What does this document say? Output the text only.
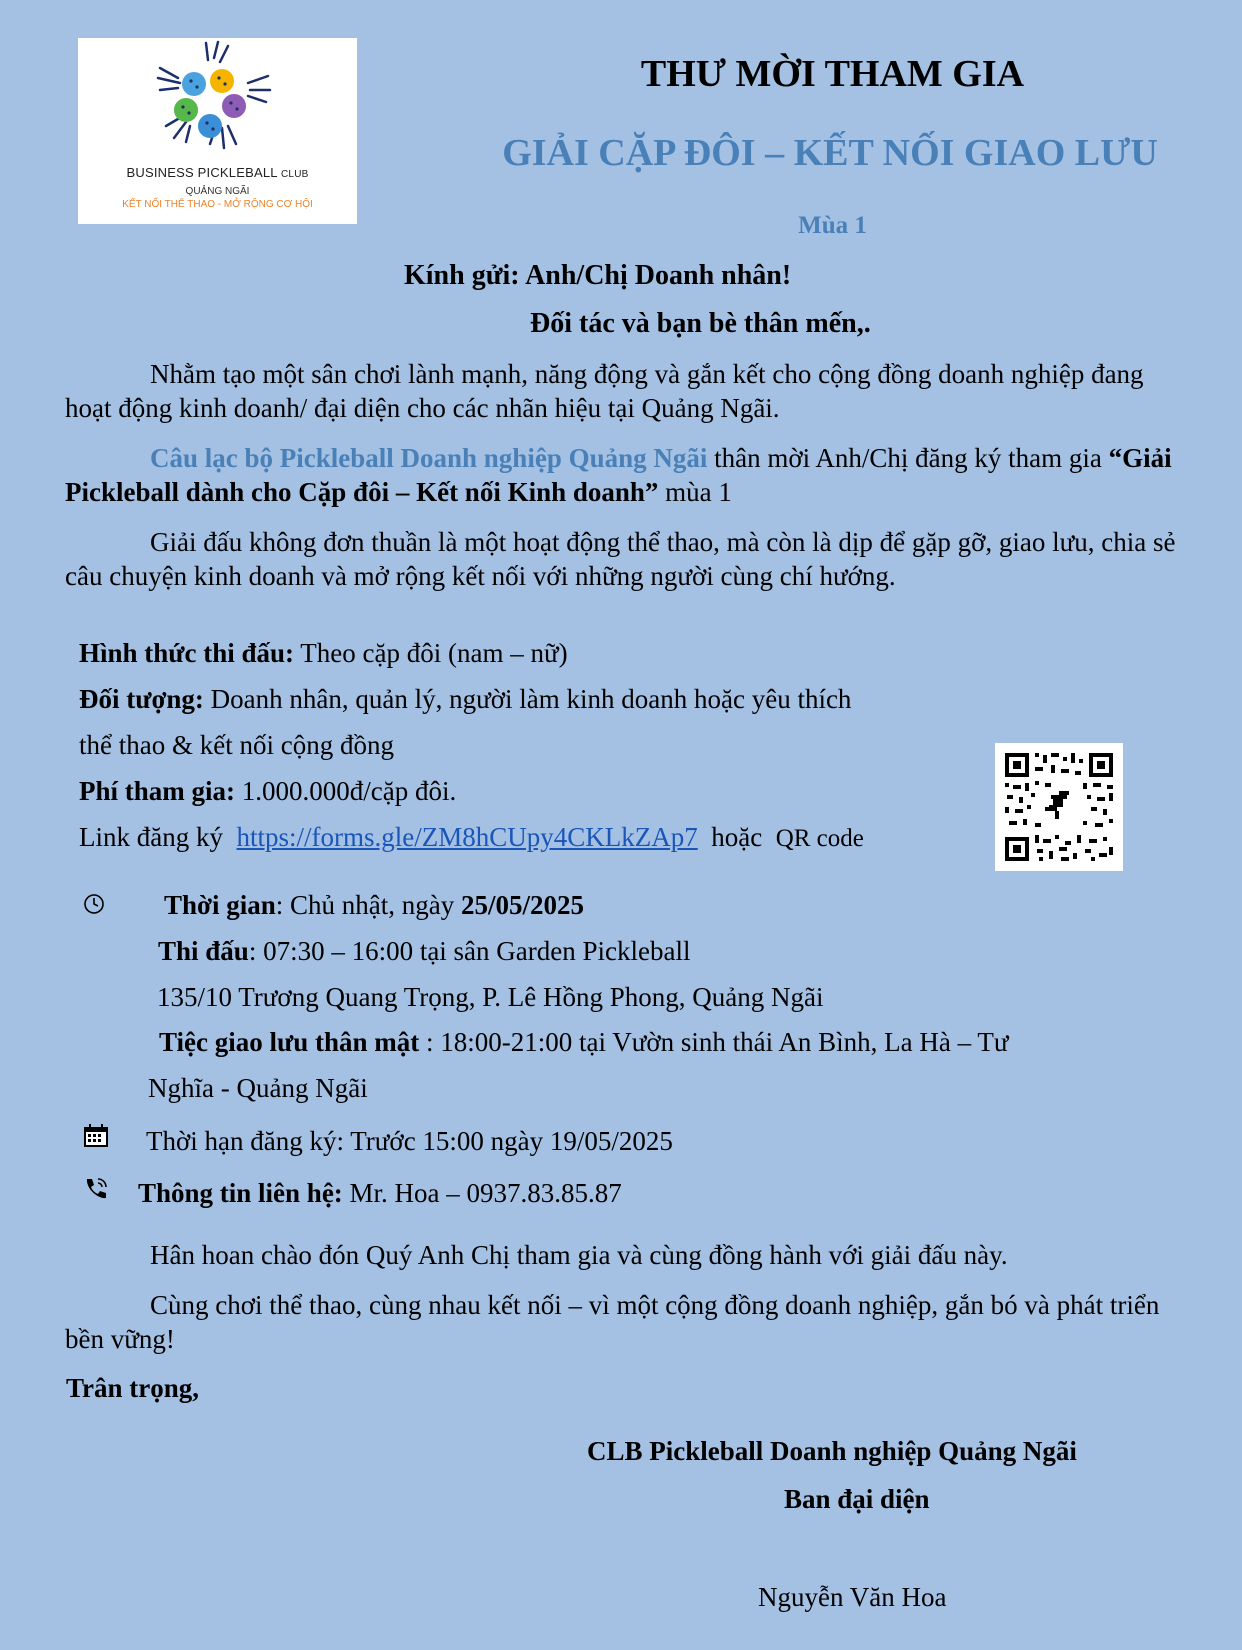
BUSINESS PICKLEBALL CLUB
QUẢNG NGÃI
KẾT NỐI THỂ THAO - MỞ RỘNG CƠ HỘI
THƯ MỜI THAM GIA
GIẢI CẶP ĐÔI – KẾT NỐI GIAO LƯU
Mùa 1
Kính gửi: Anh/Chị Doanh nhân!
Đối tác và bạn bè thân mến,.
Nhằm tạo một sân chơi lành mạnh, năng động và gắn kết cho cộng đồng doanh nghiệp đang hoạt động kinh doanh/ đại diện cho các nhãn hiệu tại Quảng Ngãi.
Câu lạc bộ Pickleball Doanh nghiệp Quảng Ngãi thân mời Anh/Chị đăng ký tham gia “Giải Pickleball dành cho Cặp đôi – Kết nối Kinh doanh” mùa 1
Giải đấu không đơn thuần là một hoạt động thể thao, mà còn là dịp để gặp gỡ, giao lưu, chia sẻ câu chuyện kinh doanh và mở rộng kết nối với những người cùng chí hướng.
Hình thức thi đấu: Theo cặp đôi (nam – nữ)
Đối tượng: Doanh nhân, quản lý, người làm kinh doanh hoặc yêu thích
thể thao & kết nối cộng đồng
Phí tham gia: 1.000.000đ/cặp đôi.
Link đăng ký https://forms.gle/ZM8hCUpy4CKLkZAp7 hoặc QR code
Thời gian: Chủ nhật, ngày 25/05/2025
Thi đấu: 07:30 – 16:00 tại sân Garden Pickleball
135/10 Trương Quang Trọng, P. Lê Hồng Phong, Quảng Ngãi
Tiệc giao lưu thân mật : 18:00-21:00 tại Vườn sinh thái An Bình, La Hà – Tư
Nghĩa - Quảng Ngãi
Thời hạn đăng ký: Trước 15:00 ngày 19/05/2025
Thông tin liên hệ: Mr. Hoa – 0937.83.85.87
Hân hoan chào đón Quý Anh Chị tham gia và cùng đồng hành với giải đấu này.
Cùng chơi thể thao, cùng nhau kết nối – vì một cộng đồng doanh nghiệp, gắn bó và phát triển bền vững!
Trân trọng,
CLB Pickleball Doanh nghiệp Quảng Ngãi
Ban đại diện
Nguyễn Văn Hoa
